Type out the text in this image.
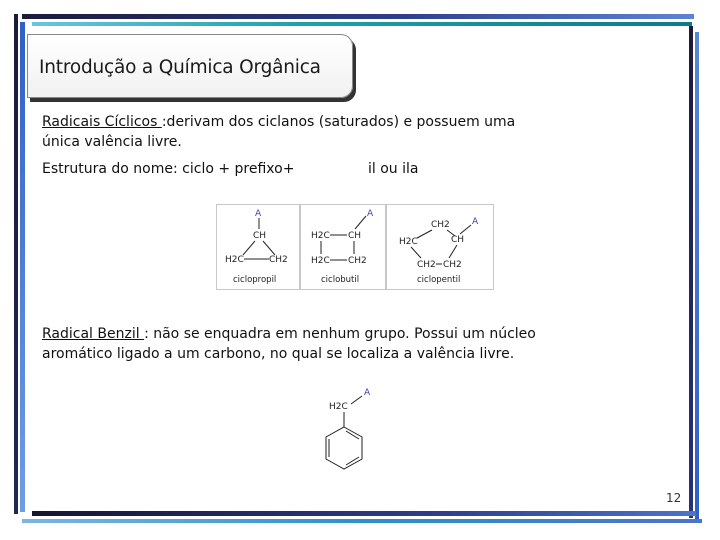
Introdução a Química Orgânica
Radicais Cíclicos :derivam dos ciclanos (saturados) e possuem uma
única valência livre.
Estrutura do nome: ciclo + prefixo+	il ou ila
A
CH
H2C	CH2
ciclopropil
A
H2C CH
H2C CH2
ciclobutil
A
CH2
H2C	CH
CH2 CH2
ciclopentil
Radical Benzil : não se enquadra em nenhum grupo. Possui um núcleo
aromático ligado a um carbono, no qual se localiza a valência livre.
A
H2C
12
